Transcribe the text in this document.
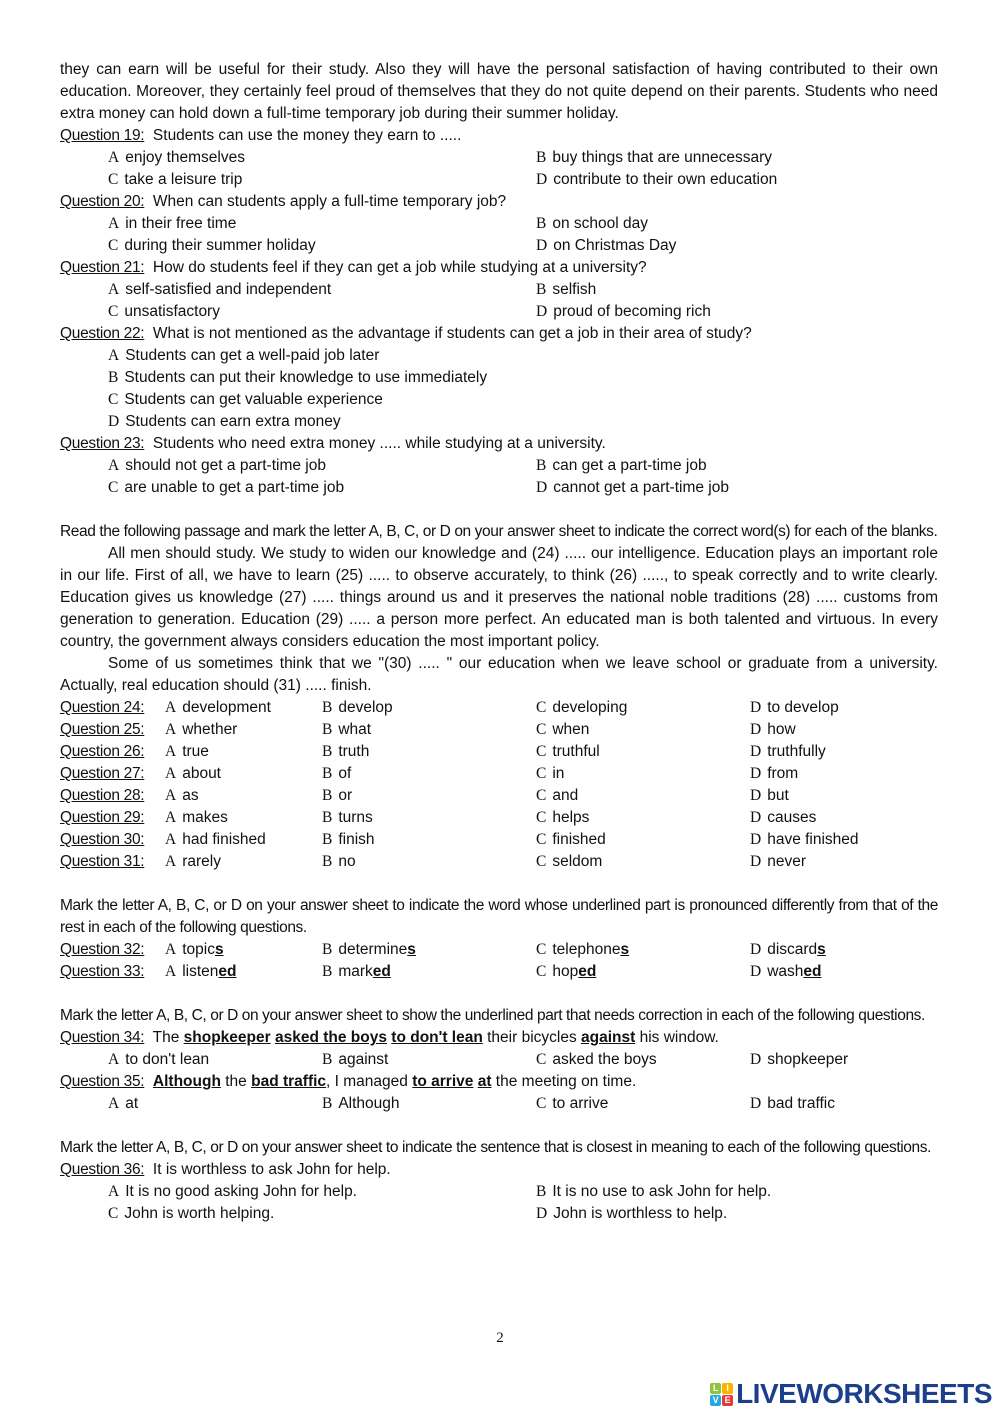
they can earn will be useful for their study. Also they will have the personal satisfaction of having contributed to their own education. Moreover, they certainly feel proud of themselves that they do not quite depend on their parents. Students who need extra money can hold down a full-time temporary job during their summer holiday.
Question 19: Students can use the money they earn to .....
A enjoy themselves	B buy things that are unnecessary
C take a leisure trip	D contribute to their own education
Question 20: When can students apply a full-time temporary job?
A in their free time	B on school day
C during their summer holiday	D on Christmas Day
Question 21: How do students feel if they can get a job while studying at a university?
A self-satisfied and independent	B selfish
C unsatisfactory	D proud of becoming rich
Question 22: What is not mentioned as the advantage if students can get a job in their area of study?
A Students can get a well-paid job later
B Students can put their knowledge to use immediately
C Students can get valuable experience
D Students can earn extra money
Question 23: Students who need extra money ..... while studying at a university.
A should not get a part-time job	B can get a part-time job
C are unable to get a part-time job	D cannot get a part-time job
Read the following passage and mark the letter A, B, C, or D on your answer sheet to indicate the correct word(s) for each of the blanks.
All men should study. We study to widen our knowledge and (24) ..... our intelligence. Education plays an important role in our life. First of all, we have to learn (25) ..... to observe accurately, to think (26) ....., to speak correctly and to write clearly. Education gives us knowledge (27) ..... things around us and it preserves the national noble traditions (28) ..... customs from generation to generation. Education (29) ..... a person more perfect. An educated man is both talented and virtuous. In every country, the government always considers education the most important policy.
Some of us sometimes think that we "(30) ..... " our education when we leave school or graduate from a university. Actually, real education should (31) ..... finish.
Question 24: A development	B develop	C developing	D to develop
Question 25: A whether	B what	C when	D how
Question 26: A true	B truth	C truthful	D truthfully
Question 27: A about	B of	C in	D from
Question 28: A as	B or	C and	D but
Question 29: A makes	B turns	C helps	D causes
Question 30: A had finished	B finish	C finished	D have finished
Question 31: A rarely	B no	C seldom	D never
Mark the letter A, B, C, or D on your answer sheet to indicate the word whose underlined part is pronounced differently from that of the rest in each of the following questions.
Question 32: A topics	B determines	C telephones	D discards
Question 33: A listened	B marked	C hoped	D washed
Mark the letter A, B, C, or D on your answer sheet to show the underlined part that needs correction in each of the following questions.
Question 34: The shopkeeper asked the boys to don't lean their bicycles against his window.
A to don't lean	B against	C asked the boys	D shopkeeper
Question 35: Although the bad traffic, I managed to arrive at the meeting on time.
A at	B Although	C to arrive	D bad traffic
Mark the letter A, B, C, or D on your answer sheet to indicate the sentence that is closest in meaning to each of the following questions.
Question 36: It is worthless to ask John for help.
A It is no good asking John for help.	B It is no use to ask John for help.
C John is worth helping.	D John is worthless to help.
2
L I
V E LIVEWORKSHEETS
